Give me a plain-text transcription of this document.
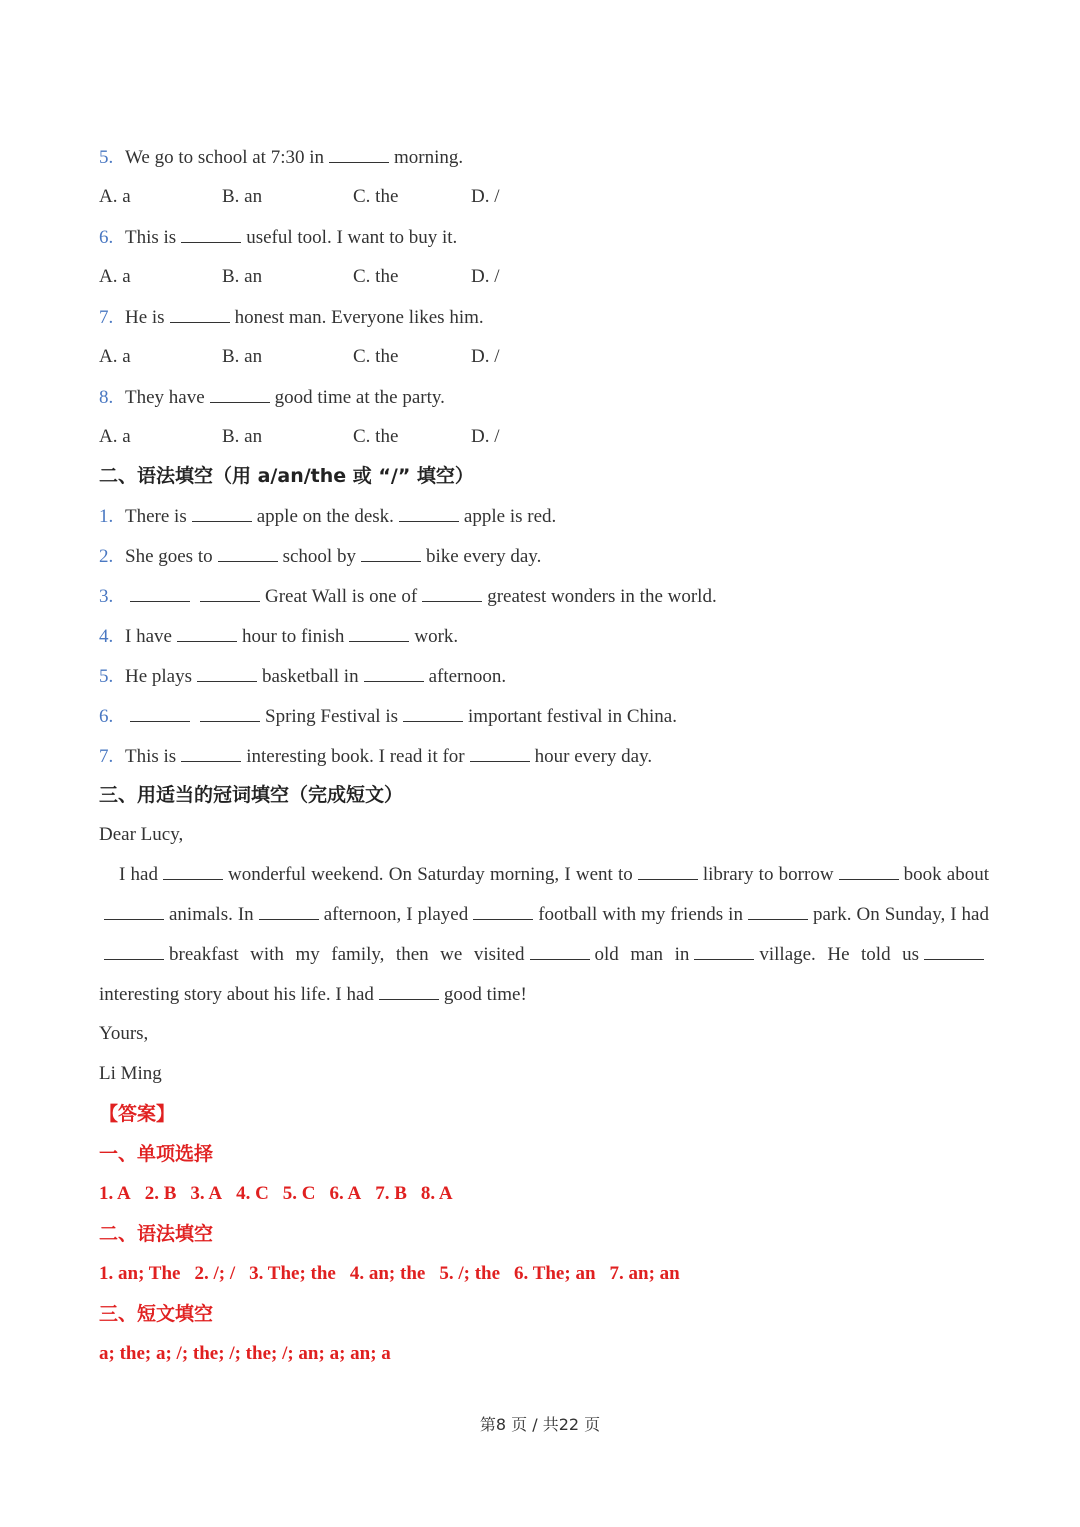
5. We go to school at 7:30 in	morning.
A. a	B. an	C. the	D. /
6. This is	useful tool. I want to buy it.
A. a	B. an	C. the	D. /
7. He is	honest man. Everyone likes him.
A. a	B. an	C. the	D. /
8. They have	good time at the party.
A. a	B. an	C. the	D. /
二、语法填空（用 a/an/the 或 “/” 填空）
1. There is	apple on the desk.	apple is red.
2. She goes to	school by	bike every day.
3.	Great Wall is one of	greatest wonders in the world.
4. I have	hour to finish	work.
5. He plays	basketball in	afternoon.
6.	Spring Festival is	important festival in China.
7. This is	interesting book. I read it for	hour every day.
三、用适当的冠词填空（完成短文）
Dear Lucy,
I had	wonderful weekend. On Saturday morning, I went to	library to borrow	book aboutanimals. In	afternoon, I played	football with my friends in	park. On Sunday, I hadbreakfast with my family, then we visited	old man in	village. He told usinteresting story about his life. I had	good time!
Yours,
Li Ming
【答案】
一、单项选择
1. A 2. B 3. A 4. C 5. C 6. A 7. B 8. A
二、语法填空
1. an; The 2. /; / 3. The; the 4. an; the 5. /; the 6. The; an 7. an; an
三、短文填空
a; the; a; /; the; /; the; /; an; a; an; a
第8 页 / 共22 页
